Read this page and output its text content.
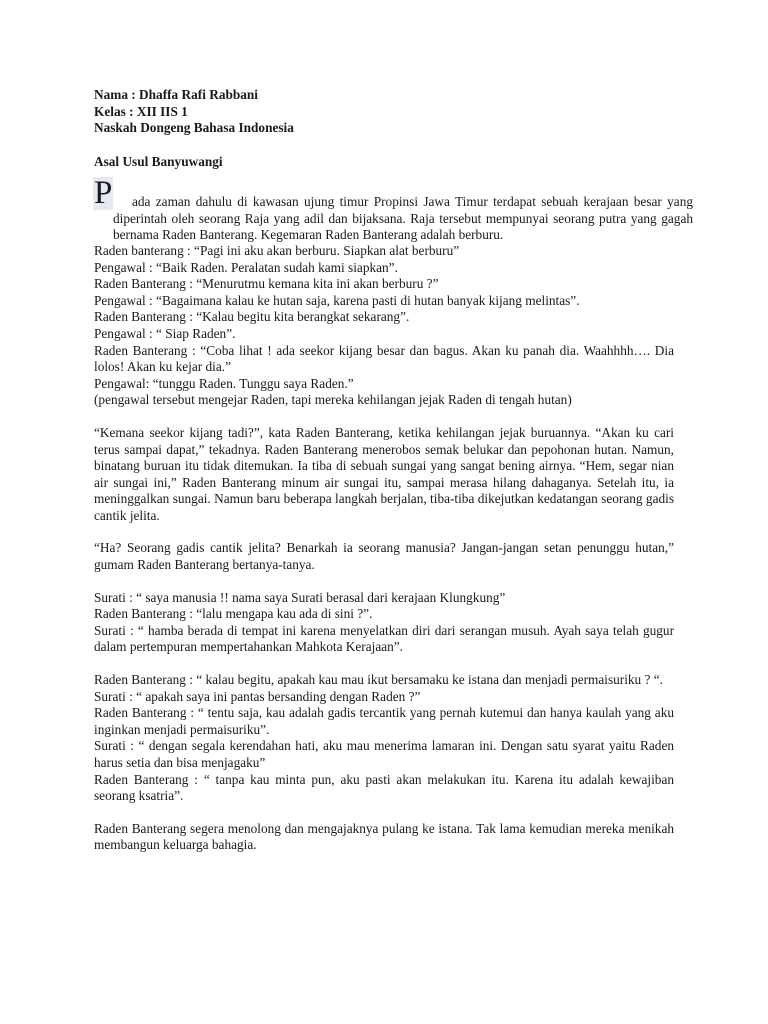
Nama : Dhaffa Rafi Rabbani
Kelas : XII IIS 1
Naskah Dongeng Bahasa Indonesia
Asal Usul Banyuwangi

P ada zaman dahulu di kawasan ujung timur Propinsi Jawa Timur terdapat sebuah kerajaan besar yang diperintah oleh seorang Raja yang adil dan bijaksana. Raja tersebut mempunyai seorang putra yang gagah bernama Raden Banterang. Kegemaran Raden Banterang adalah berburu.

Raden banterang : “Pagi ini aku akan berburu. Siapkan alat berburu”

Pengawal : “Baik Raden. Peralatan sudah kami siapkan”.

Raden Banterang : “Menurutmu kemana kita ini akan berburu ?”

Pengawal : “Bagaimana kalau ke hutan saja, karena pasti di hutan banyak kijang melintas”.

Raden Banterang : “Kalau begitu kita berangkat sekarang”.

Pengawal : “ Siap Raden”.

Raden Banterang : “Coba lihat ! ada seekor kijang besar dan bagus. Akan ku panah dia. Waahhhh…. Dia lolos! Akan ku kejar dia.”

Pengawal: “tunggu Raden. Tunggu saya Raden.”

(pengawal tersebut mengejar Raden, tapi mereka kehilangan jejak Raden di tengah hutan)

“Kemana seekor kijang tadi?”, kata Raden Banterang, ketika kehilangan jejak buruannya. “Akan ku cari terus sampai dapat,” tekadnya. Raden Banterang menerobos semak belukar dan pepohonan hutan. Namun, binatang buruan itu tidak ditemukan. Ia tiba di sebuah sungai yang sangat bening airnya. “Hem, segar nian air sungai ini,” Raden Banterang minum air sungai itu, sampai merasa hilang dahaganya. Setelah itu, ia meninggalkan sungai. Namun baru beberapa langkah berjalan, tiba-tiba dikejutkan kedatangan seorang gadis cantik jelita.

“Ha? Seorang gadis cantik jelita? Benarkah ia seorang manusia? Jangan-jangan setan penunggu hutan,” gumam Raden Banterang bertanya-tanya.

Surati : “ saya manusia !! nama saya Surati berasal dari kerajaan Klungkung”

Raden Banterang : “lalu mengapa kau ada di sini ?”.

Surati : “ hamba berada di tempat ini karena menyelatkan diri dari serangan musuh. Ayah saya telah gugur dalam pertempuran mempertahankan Mahkota Kerajaan”.

Raden Banterang : “ kalau begitu, apakah kau mau ikut bersamaku ke istana dan menjadi permaisuriku ? “.

Surati : “ apakah saya ini pantas bersanding dengan Raden ?”

Raden Banterang : “ tentu saja, kau adalah gadis tercantik yang pernah kutemui dan hanya kaulah yang aku inginkan menjadi permaisuriku”.

Surati : “ dengan segala kerendahan hati, aku mau menerima lamaran ini. Dengan satu syarat yaitu Raden harus setia dan bisa menjagaku”

Raden Banterang : “ tanpa kau minta pun, aku pasti akan melakukan itu. Karena itu adalah kewajiban seorang ksatria”.

Raden Banterang segera menolong dan mengajaknya pulang ke istana. Tak lama kemudian mereka menikah membangun keluarga bahagia.
